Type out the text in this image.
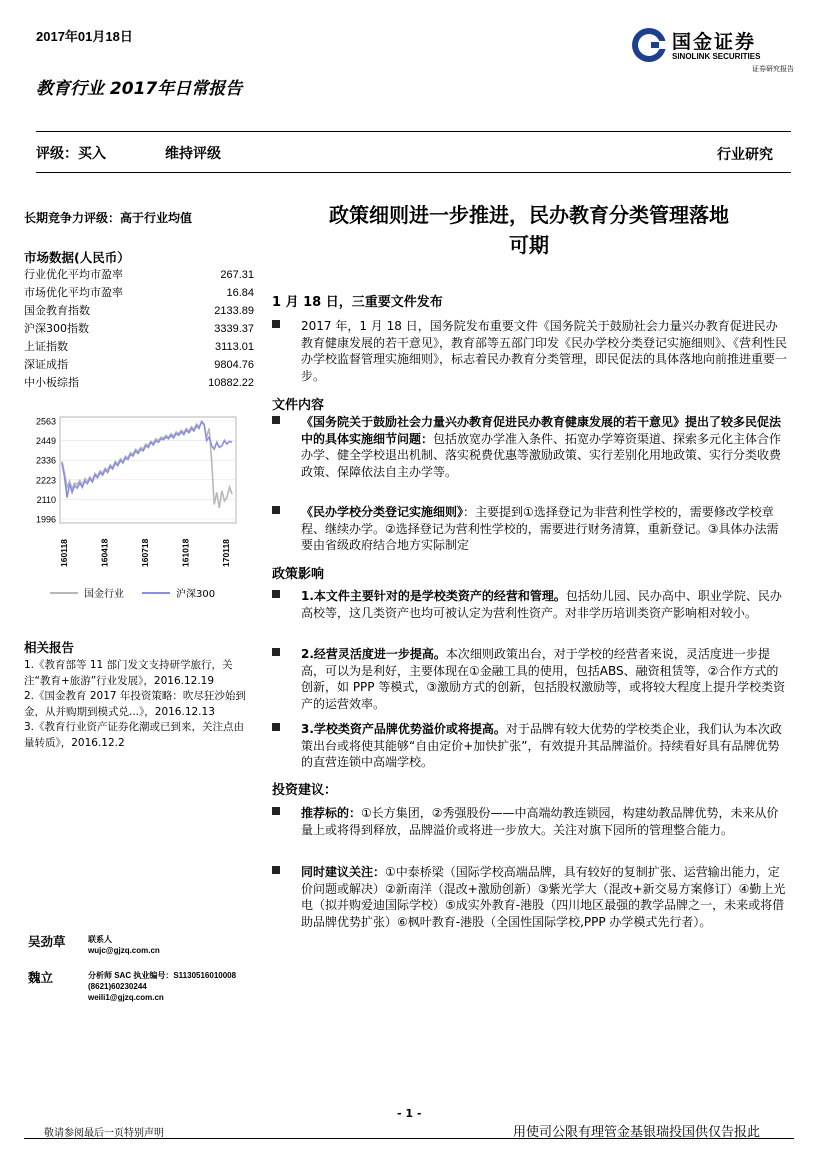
2017年01月18日	国金证券
SINOLINK SECURITIES
证券研究报告
教育行业 2017年日常报告
评级：买入	维持评级	行业研究
长期竞争力评级：高于行业均值
市场数据(人民币）
行业优化平均市盈率	267.31
市场优化平均市盈率	16.84
国金教育指数	2133.89
沪深300指数	3339.37
上证指数	3113.01
深证成指	9804.76
中小板综指	10882.22
2563
2449
2336
2223
2110
1996
160118	160418	160718	161018	170118
国金行业	沪深300
相关报告

1.《教育部等 11 部门发文支持研学旅行，关注“教育+旅游”行业发展》，2016.12.19

2.《国金教育 2017 年投资策略：吹尽狂沙始到金，从并购期到模式兑...》，2016.12.13

3.《教育行业资产证券化潮或已到来，关注点由量转质》，2016.12.2

吴劲草	联系人
wujc@gjzq.com.cn
魏立	分析师 SAC 执业编号：S1130516010008
(8621)60230244
weili1@gjzq.com.cn
政策细则进一步推进，民办教育分类管理落地
可期
1 月 18 日，三重要文件发布
2017 年，1 月 18 日，国务院发布重要文件《国务院关于鼓励社会力量兴办教育促进民办教育健康发展的若干意见》，教育部等五部门印发《民办学校分类登记实施细则》、《营利性民办学校监督管理实施细则》，标志着民办教育分类管理，即民促法的具体落地向前推进重要一步。
文件内容
《国务院关于鼓励社会力量兴办教育促进民办教育健康发展的若干意见》提出了较多民促法中的具体实施细节问题：包括放宽办学准入条件、拓宽办学筹资渠道、探索多元化主体合作办学、健全学校退出机制、落实税费优惠等激励政策、实行差别化用地政策、实行分类收费政策、保障依法自主办学等。
《民办学校分类登记实施细则》：主要提到①选择登记为非营利性学校的，需要修改学校章程、继续办学。②选择登记为营利性学校的，需要进行财务清算，重新登记。③具体办法需要由省级政府结合地方实际制定
政策影响
1.本文件主要针对的是学校类资产的经营和管理。包括幼儿园、民办高中、职业学院、民办高校等，这几类资产也均可被认定为营利性资产。对非学历培训类资产影响相对较小。
2.经营灵活度进一步提高。本次细则政策出台，对于学校的经营者来说，灵活度进一步提高，可以为是利好，主要体现在①金融工具的使用，包括ABS、融资租赁等，②合作方式的创新，如 PPP 等模式，③激励方式的创新，包括股权激励等，或将较大程度上提升学校类资产的运营效率。
3.学校类资产品牌优势溢价或将提高。对于品牌有较大优势的学校类企业，我们认为本次政策出台或将使其能够“自由定价+加快扩张”，有效提升其品牌溢价。持续看好具有品牌优势的直营连锁中高端学校。
投资建议：
推荐标的：①长方集团，②秀强股份——中高端幼教连锁园，构建幼教品牌优势，未来从价量上或将得到释放，品牌溢价或将进一步放大。关注对旗下园所的管理整合能力。
同时建议关注：①中泰桥梁（国际学校高端品牌，具有较好的复制扩张、运营输出能力，定价问题或解决）②新南洋（混改+激励创新）③紫光学大（混改+新交易方案修订）④勤上光电（拟并购爱迪国际学校）⑤成实外教育-港股（四川地区最强的教学品牌之一，未来或将借助品牌优势扩张）⑥枫叶教育-港股（全国性国际学校,PPP 办学模式先行者）。
- 1 -
敬请参阅最后一页特别声明	用使司公限有理管金基银瑞投国供仅告报此
